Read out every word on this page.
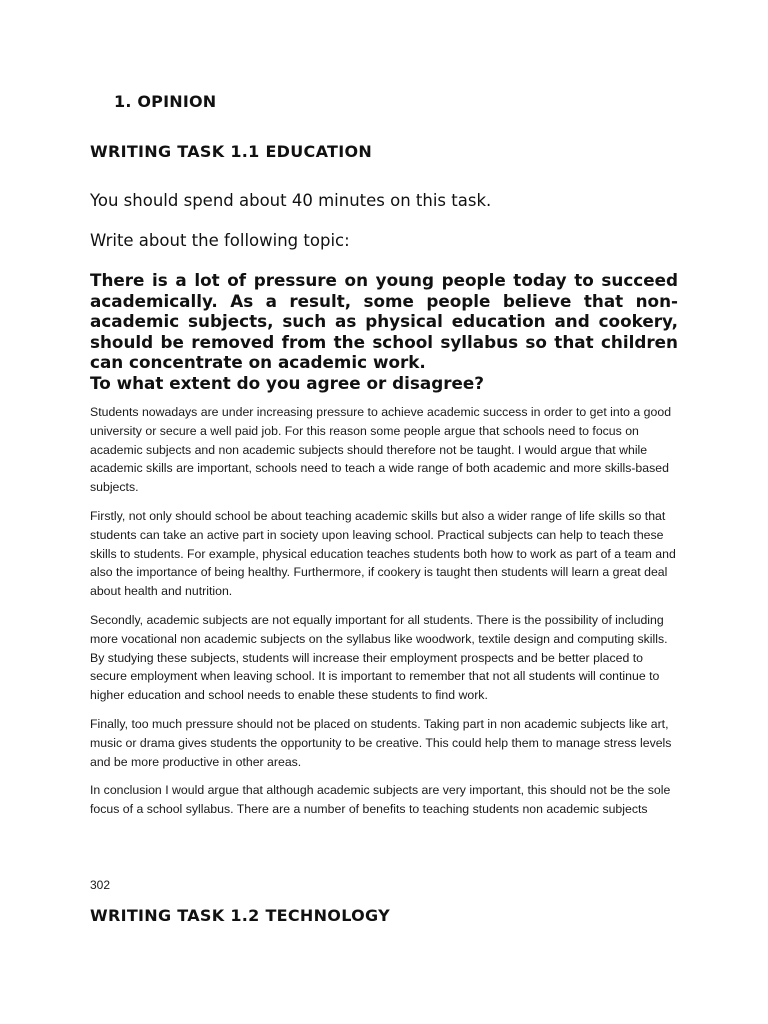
1. OPINION
WRITING TASK 1.1 EDUCATION

You should spend about 40 minutes on this task.

Write about the following topic:

There is a lot of pressure on young people today to succeed academically. As a result, some people believe that non-academic subjects, such as physical education and cookery, should be removed from the school syllabus so that children can concentrate on academic work.

To what extent do you agree or disagree?

Students nowadays are under increasing pressure to achieve academic success in order to get into a good university or secure a well paid job. For this reason some people argue that schools need to focus on academic subjects and non academic subjects should therefore not be taught. I would argue that while academic skills are important, schools need to teach a wide range of both academic and more skills-based subjects.

Firstly, not only should school be about teaching academic skills but also a wider range of life skills so that students can take an active part in society upon leaving school. Practical subjects can help to teach these skills to students. For example, physical education teaches students both how to work as part of a team and also the importance of being healthy. Furthermore, if cookery is taught then students will learn a great deal about health and nutrition.

Secondly, academic subjects are not equally important for all students. There is the possibility of including more vocational non academic subjects on the syllabus like woodwork, textile design and computing skills. By studying these subjects, students will increase their employment prospects and be better placed to secure employment when leaving school. It is important to remember that not all students will continue to higher education and school needs to enable these students to find work.

Finally, too much pressure should not be placed on students. Taking part in non academic subjects like art, music or drama gives students the opportunity to be creative. This could help them to manage stress levels and be more productive in other areas.

In conclusion I would argue that although academic subjects are very important, this should not be the sole focus of a school syllabus. There are a number of benefits to teaching students non academic subjects

302

WRITING TASK 1.2 TECHNOLOGY
